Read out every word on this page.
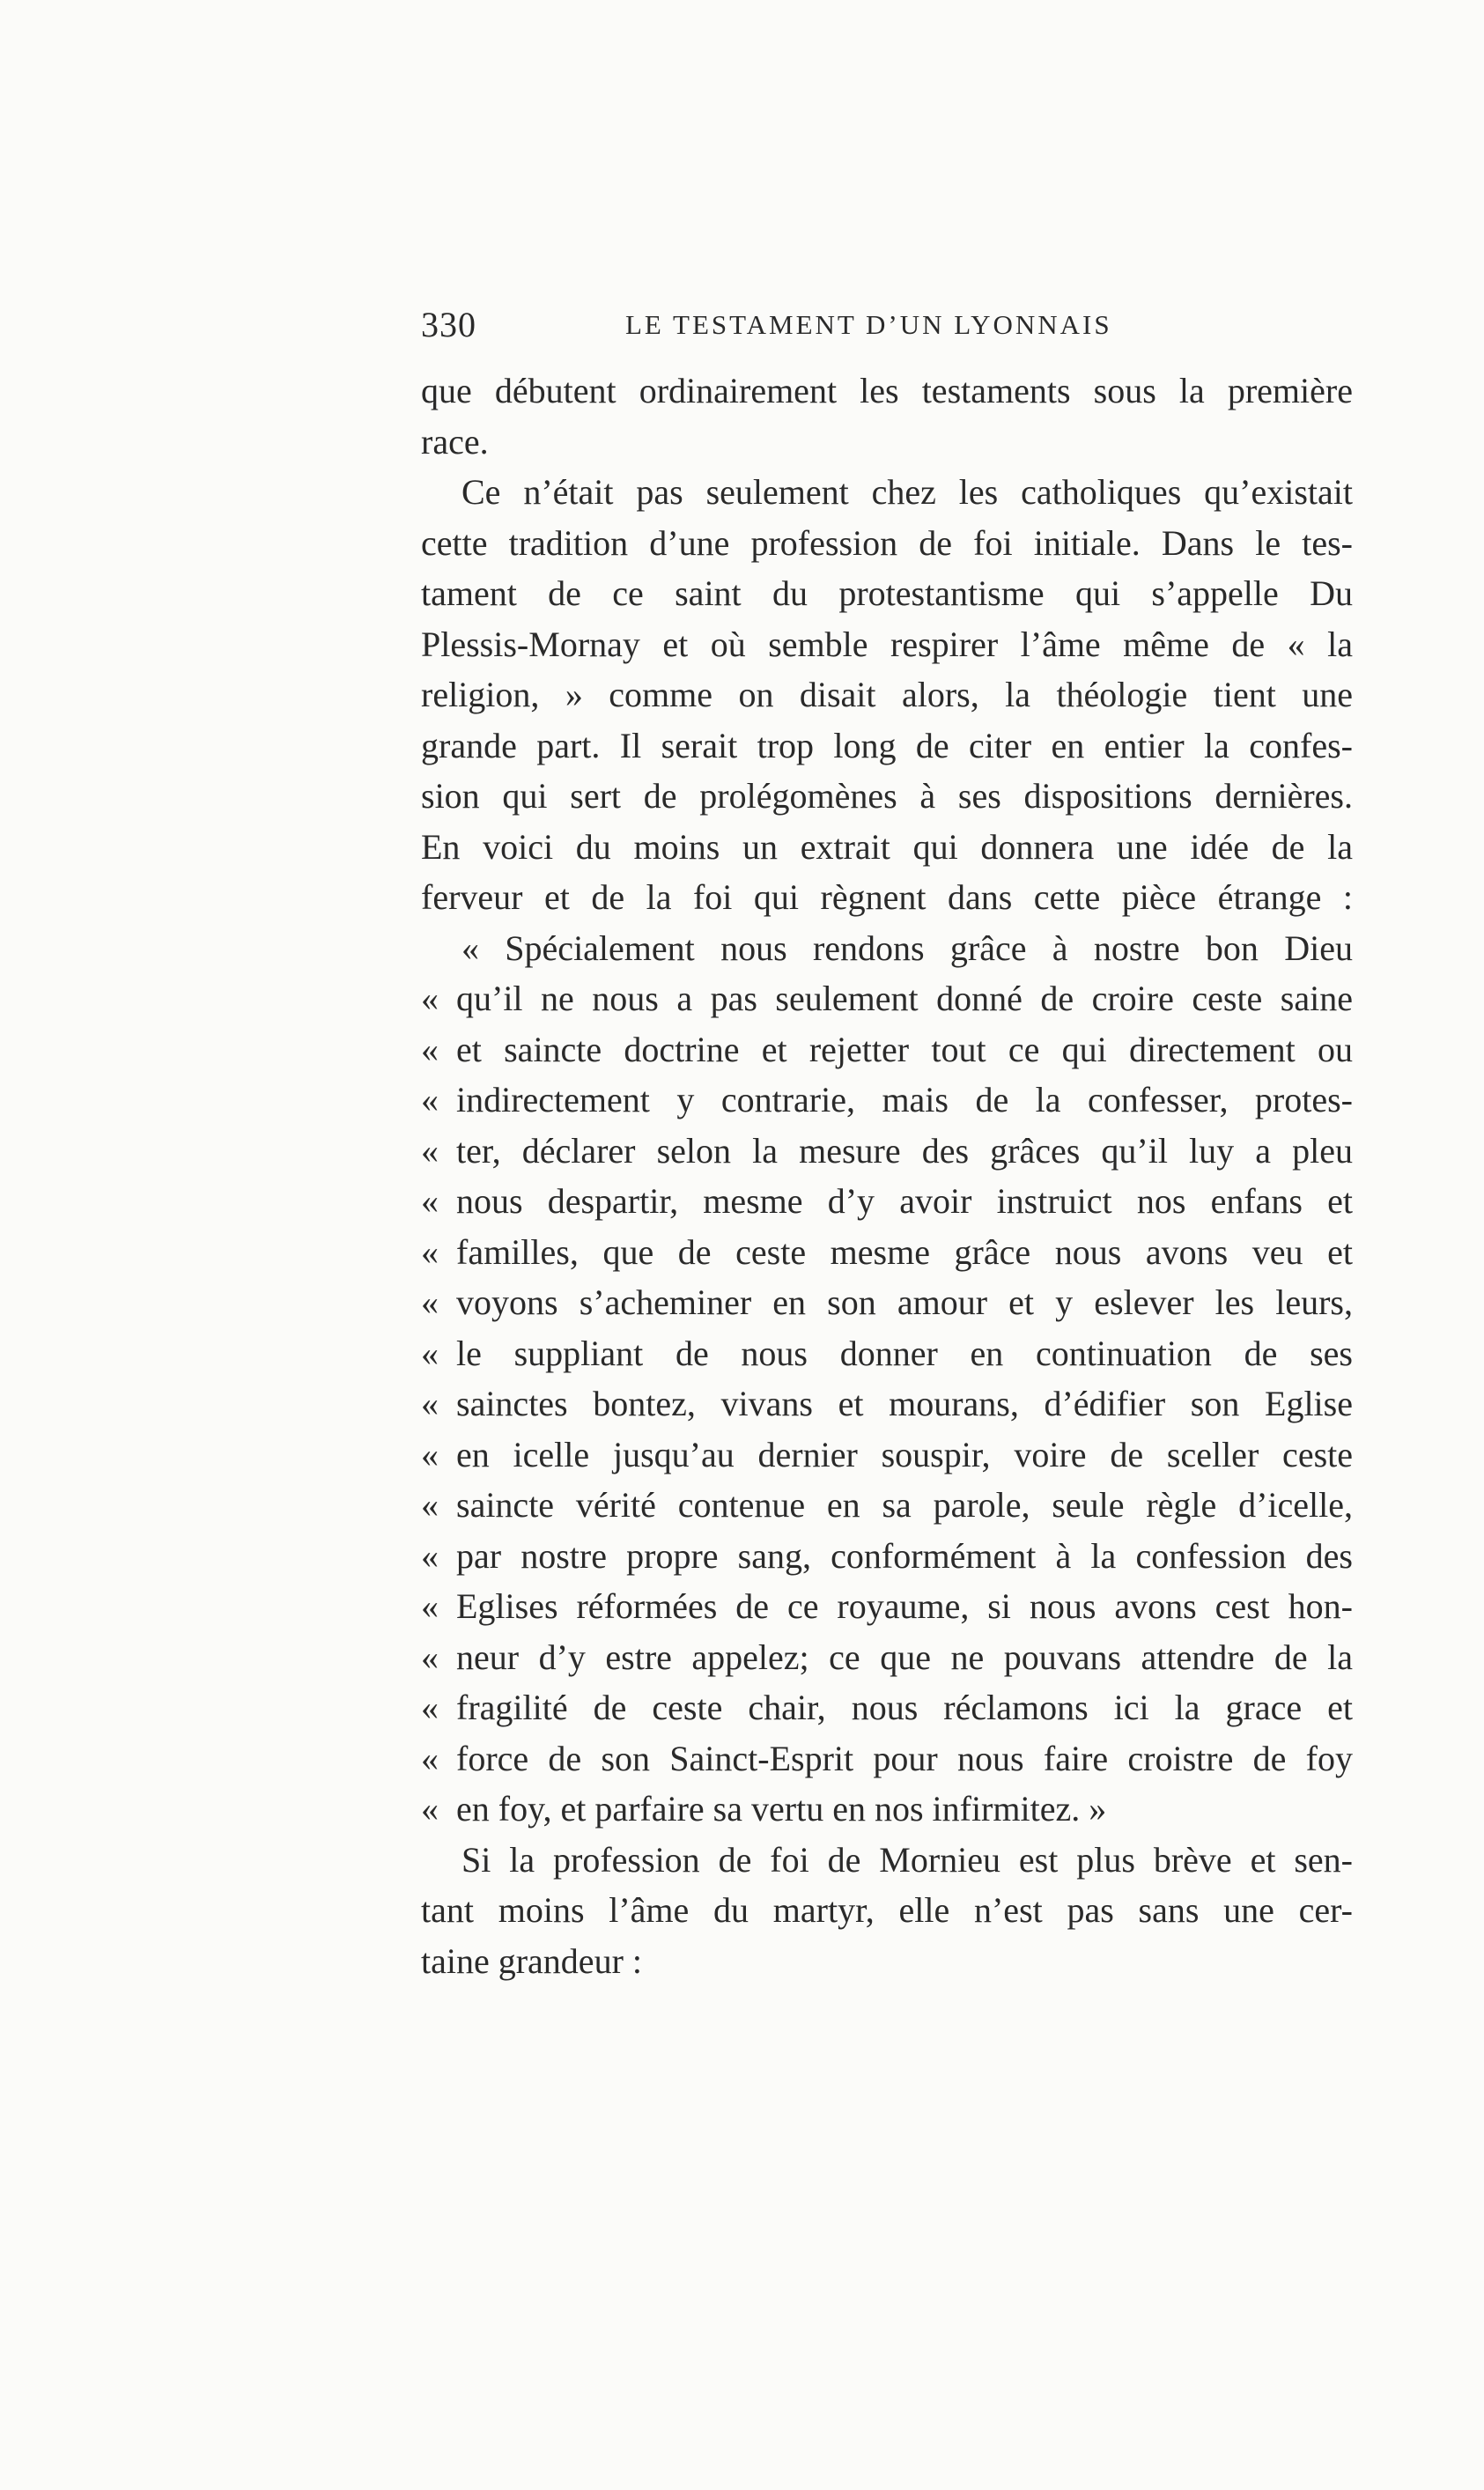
330	LE TESTAMENT D’UN LYONNAIS
que débutent ordinairement les testaments sous la première
race.
Ce n’était pas seulement chez les catholiques qu’existait
cette tradition d’une profession de foi initiale. Dans le tes-
tament de ce saint du protestantisme qui s’appelle Du
Plessis-Mornay et où semble respirer l’âme même de « la
religion, » comme on disait alors, la théologie tient une
grande part. Il serait trop long de citer en entier la confes-
sion qui sert de prolégomènes à ses dispositions dernières.
En voici du moins un extrait qui donnera une idée de la
ferveur et de la foi qui règnent dans cette pièce étrange :
« Spécialement nous rendons grâce à nostre bon Dieu
« qu’il ne nous a pas seulement donné de croire ceste saine
« et saincte doctrine et rejetter tout ce qui directement ou
« indirectement y contrarie, mais de la confesser, protes-
« ter, déclarer selon la mesure des grâces qu’il luy a pleu
« nous despartir, mesme d’y avoir instruict nos enfans et
« familles, que de ceste mesme grâce nous avons veu et
« voyons s’acheminer en son amour et y eslever les leurs,
« le suppliant de nous donner en continuation de ses
« sainctes bontez, vivans et mourans, d’édifier son Eglise
« en icelle jusqu’au dernier souspir, voire de sceller ceste
« saincte vérité contenue en sa parole, seule règle d’icelle,
« par nostre propre sang, conformément à la confession des
« Eglises réformées de ce royaume, si nous avons cest hon-
« neur d’y estre appelez; ce que ne pouvans attendre de la
« fragilité de ceste chair, nous réclamons ici la grace et
« force de son Sainct-Esprit pour nous faire croistre de foy
« en foy, et parfaire sa vertu en nos infirmitez. »
Si la profession de foi de Mornieu est plus brève et sen-
tant moins l’âme du martyr, elle n’est pas sans une cer-
taine grandeur :
